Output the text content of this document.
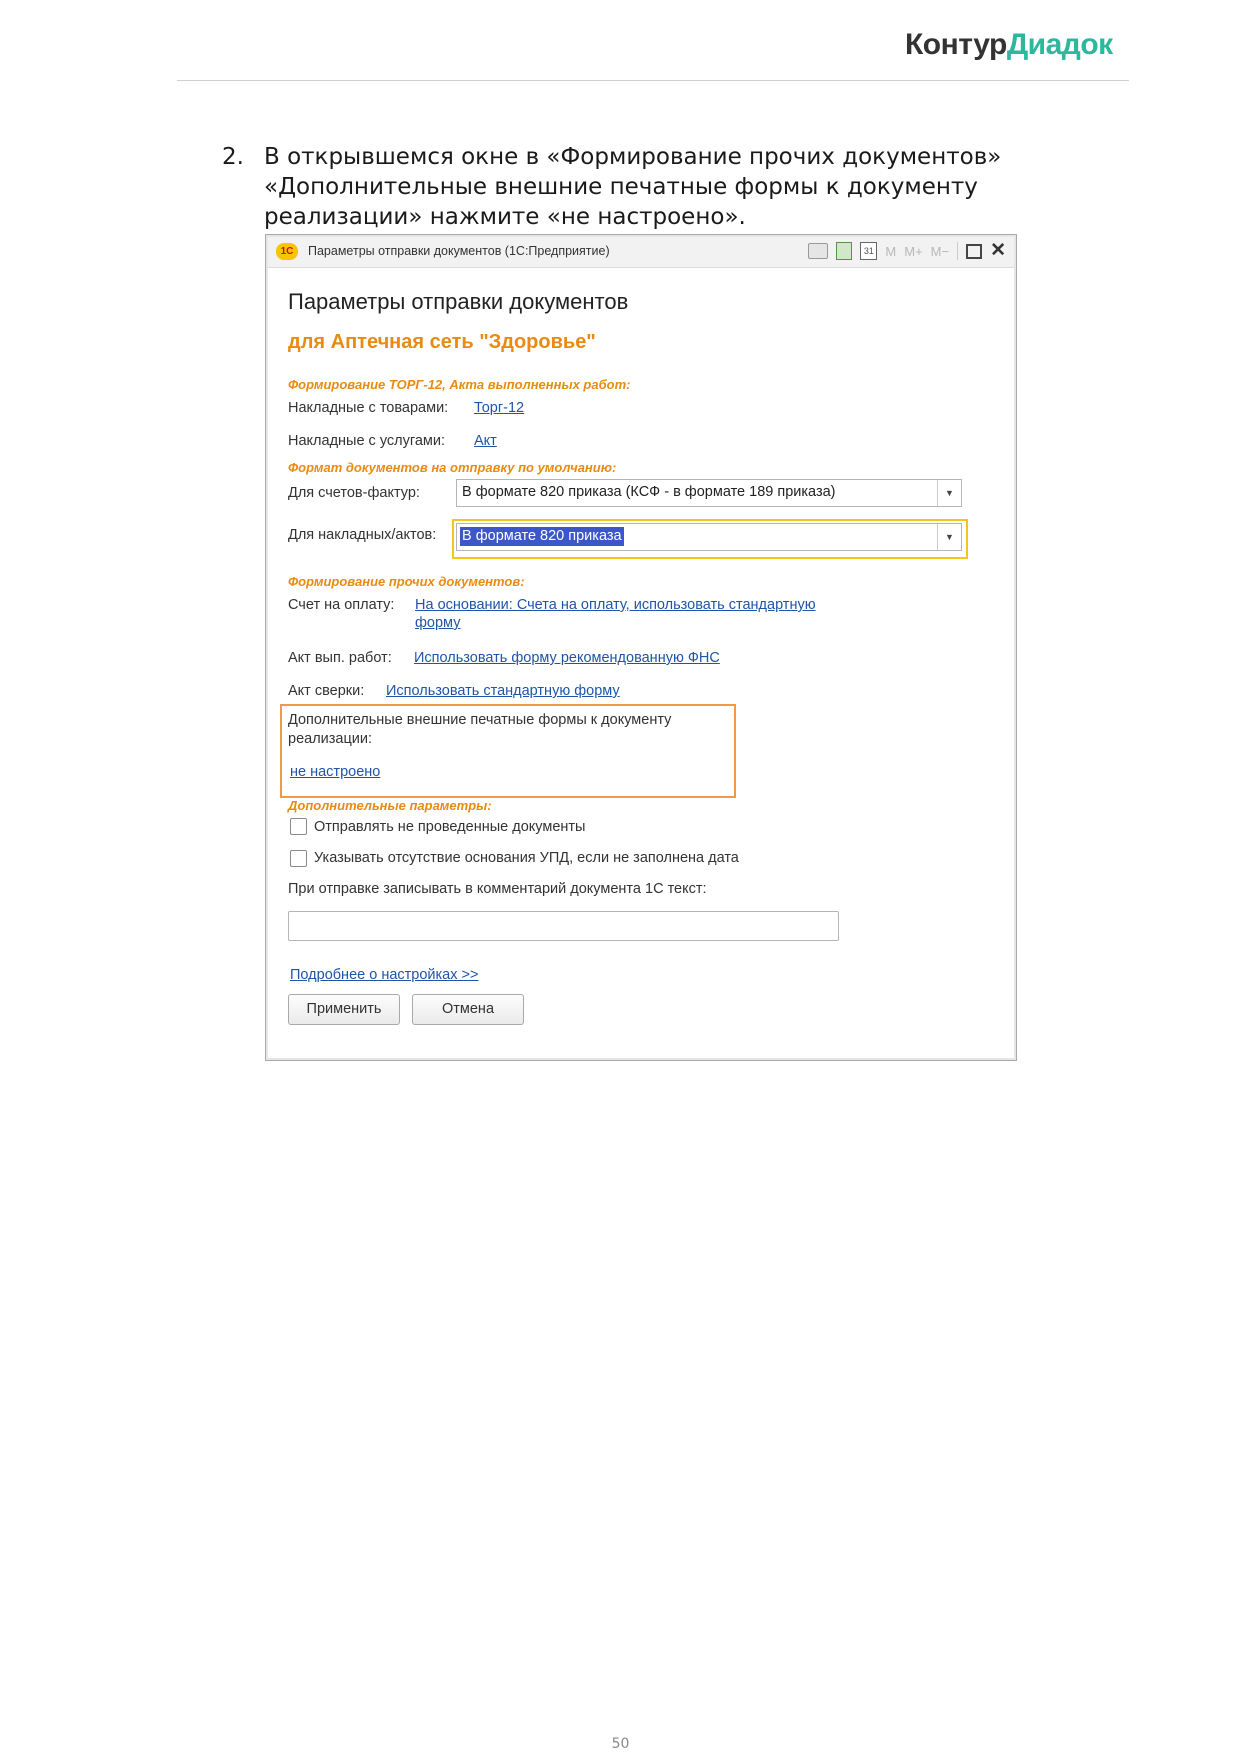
КонтурДиадок
2. В открывшемся окне в «Формирование прочих документов» «Дополнительные внешние печатные формы к документу реализации» нажмите «не настроено».
1С	Параметры отправки документов (1С:Предприятие)	31 M M+ M− ✕
Параметры отправки документов
для Аптечная сеть "Здоровье"
Формирование ТОРГ-12, Акта выполненных работ:
Накладные с товарами: Торг-12
Накладные с услугами: Акт
Формат документов на отправку по умолчанию:
Для счетов-фактур:	В формате 820 приказа (КСФ - в формате 189 приказа)	▼
Для накладных/актов: В формате 820 приказа	▼
Формирование прочих документов:
Счет на оплату: На основании: Счета на оплату, использовать стандартную
форму
Акт вып. работ: Использовать форму рекомендованную ФНС
Акт сверки: Использовать стандартную форму
Дополнительные внешние печатные формы к документу
реализации:
не настроено
Дополнительные параметры:
Отправлять не проведенные документы
Указывать отсутствие основания УПД, если не заполнена дата
При отправке записывать в комментарий документа 1С текст:
Подробнее о настройках >>
Применить	Отмена
50
